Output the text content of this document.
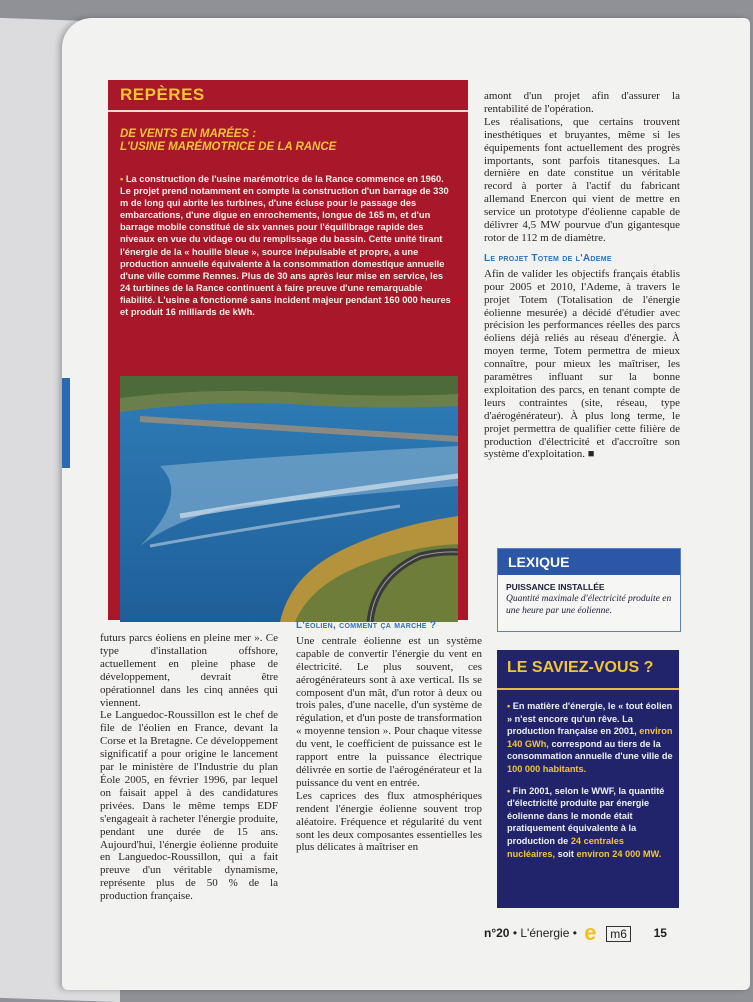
REPÈRES
DE VENTS EN MARÉES :
L'USINE MARÉMOTRICE DE LA RANCE
• La construction de l'usine marémotrice de la Rance commence en 1960. Le projet prend notamment en compte la construction d'un barrage de 330 m de long qui abrite les turbines, d'une écluse pour le passage des embarcations, d'une digue en enrochements, longue de 165 m, et d'un barrage mobile constitué de six vannes pour l'équilibrage rapide des niveaux en vue du vidage ou du remplissage du bassin. Cette unité tirant l'énergie de la « houille bleue », source inépuisable et propre, a une production annuelle équivalente à la consommation domestique annuelle d'une ville comme Rennes. Plus de 30 ans après leur mise en service, les 24 turbines de la Rance continuent à faire preuve d'une remarquable fiabilité. L'usine a fonctionné sans incident majeur pendant 160 000 heures et produit 16 milliards de kWh.

amont d'un projet afin d'assurer la rentabilité de l'opération.

Les réalisations, que certains trouvent inesthétiques et bruyantes, même si les équipements font actuellement des progrès importants, sont parfois titanesques. La dernière en date constitue un véritable record à porter à l'actif du fabricant allemand Enercon qui vient de mettre en service un prototype d'éolienne capable de délivrer 4,5 MW pourvue d'un gigantesque rotor de 112 m de diamètre.

Le projet Totem de l'Ademe

Afin de valider les objectifs français établis pour 2005 et 2010, l'Ademe, à travers le projet Totem (Totalisation de l'énergie éolienne mesurée) a décidé d'étudier avec précision les performances réelles des parcs éoliens déjà reliés au réseau d'énergie. À moyen terme, Totem permettra de mieux connaître, pour mieux les maîtriser, les paramètres influant sur la bonne exploitation des parcs, en tenant compte de leurs contraintes (site, réseau, type d'aérogénérateur). À plus long terme, le projet permettra de qualifier cette filière de production d'électricité et d'accroître son système d'exploitation. ■

LEXIQUE
PUISSANCE INSTALLÉE
Quantité maximale d'électricité produite en une heure par une éolienne.

futurs parcs éoliens en pleine mer ». Ce type d'installation offshore, actuellement en pleine phase de développement, devrait être opérationnel dans les cinq années qui viennent.

Le Languedoc-Roussillon est le chef de file de l'éolien en France, devant la Corse et la Bretagne. Ce développement significatif a pour origine le lancement par le ministère de l'Industrie du plan Éole 2005, en février 1996, par lequel on faisait appel à des candidatures privées. Dans le même temps EDF s'engageait à racheter l'énergie produite, pendant une durée de 15 ans. Aujourd'hui, l'énergie éolienne produite en Languedoc-Roussillon, qui a fait preuve d'un véritable dynamisme, représente plus de 50 % de la production française.

L'éolien, comment ça marche ?

Une centrale éolienne est un système capable de convertir l'énergie du vent en électricité. Le plus souvent, ces aérogénérateurs sont à axe vertical. Ils se composent d'un mât, d'un rotor à deux ou trois pales, d'une nacelle, d'un système de régulation, et d'un poste de transformation « moyenne tension ». Pour chaque vitesse du vent, le coefficient de puissance est le rapport entre la puissance électrique délivrée en sortie de l'aérogénérateur et la puissance du vent en entrée.

Les caprices des flux atmosphériques rendent l'énergie éolienne souvent trop aléatoire. Fréquence et régularité du vent sont les deux composantes essentielles les plus délicates à maîtriser en

LE SAVIEZ-VOUS ?
• En matière d'énergie, le « tout éolien » n'est encore qu'un rêve. La production française en 2001, environ 140 GWh, correspond au tiers de la consommation annuelle d'une ville de 100 000 habitants.
• Fin 2001, selon le WWF, la quantité d'électricité produite par énergie éolienne dans le monde était pratiquement équivalente à la production de 24 centrales nucléaires, soit environ 24 000 MW.
n°20 • L'énergie • e	m6	15
